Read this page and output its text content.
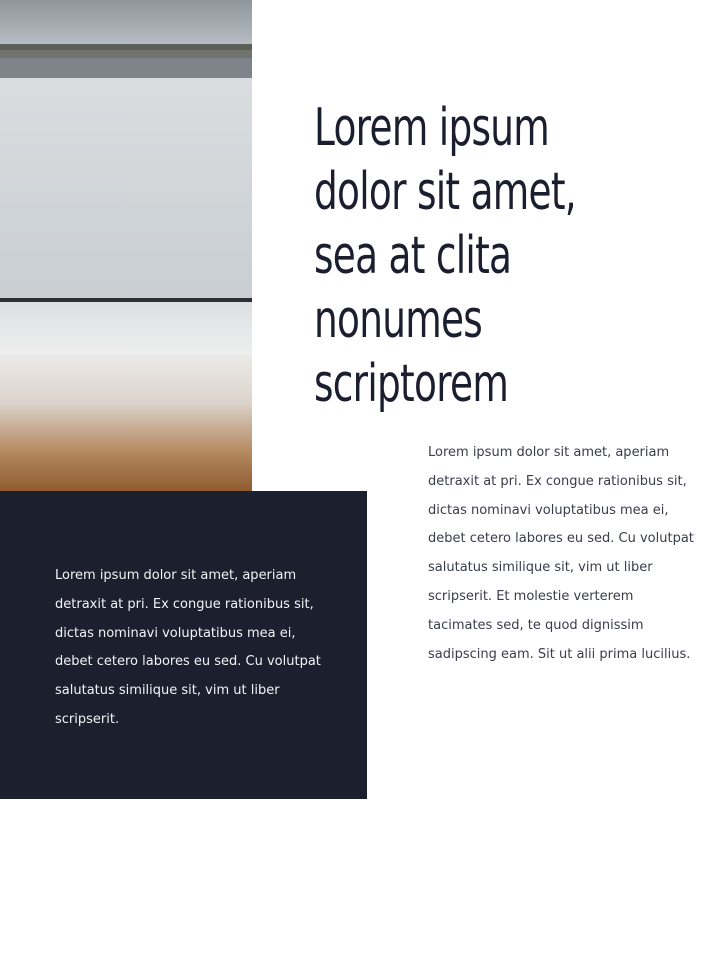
Lorem ipsum
dolor sit amet,
sea at clita
nonumes
scriptorem

Lorem ipsum dolor sit amet, aperiam detraxit at pri. Ex congue rationibus sit, dictas nominavi voluptatibus mea ei, debet cetero labores eu sed. Cu volutpat salutatus similique sit, vim ut liber scripserit. Et molestie verterem tacimates sed, te quod dignissim sadipscing eam. Sit ut alii prima lucilius.

Lorem ipsum dolor sit amet, aperiam detraxit at pri. Ex congue rationibus sit, dictas nominavi voluptatibus mea ei, debet cetero labores eu sed. Cu volutpat salutatus similique sit, vim ut liber scripserit.
